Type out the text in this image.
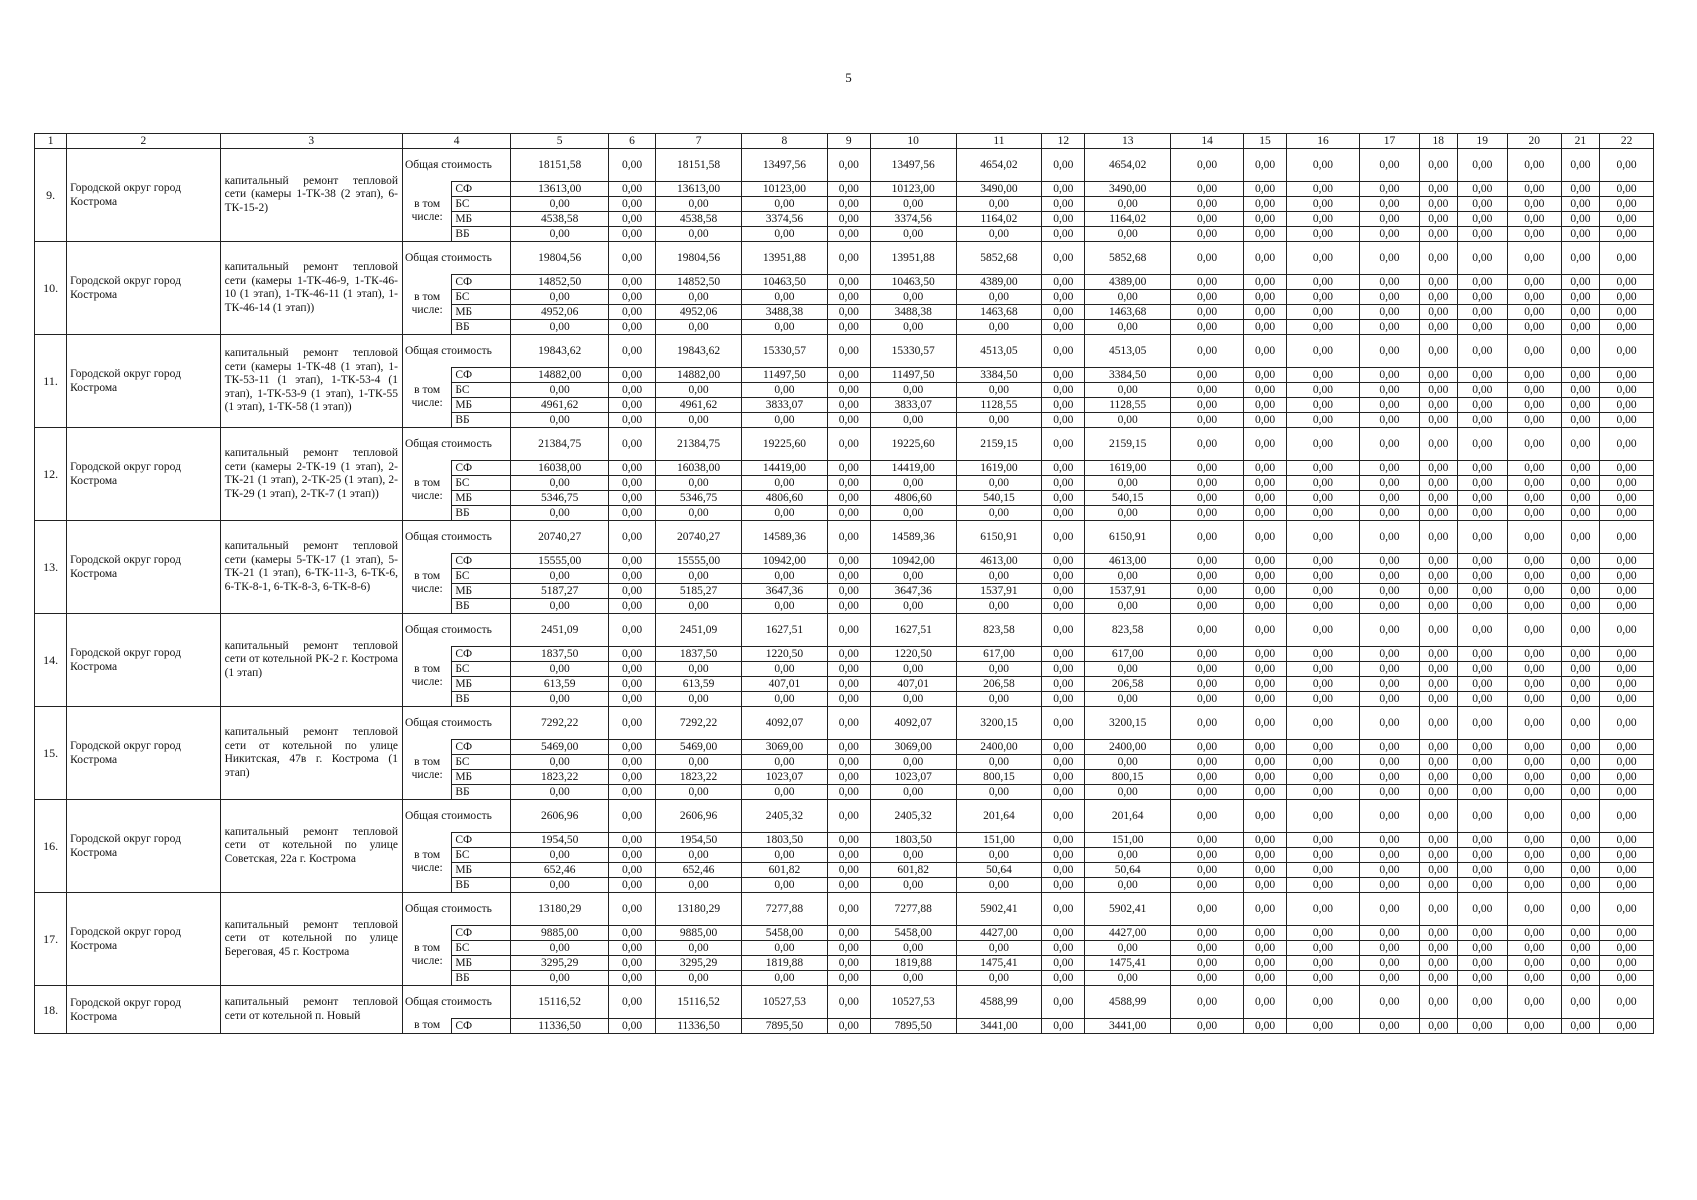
5
1	2	3	4		5	6	7	8	9	10	11	12	13	14	15	16	17	18	19	20	21	22
9.	Городской округ город Кострома	капитальный ремонт тепловой сети (камеры 1-ТК-38 (2 этап), 6-ТК-15-2)	Общая стоимость		18151,58	0,00	18151,58	13497,56	0,00	13497,56	4654,02	0,00	4654,02	0,00	0,00	0,00	0,00	0,00	0,00	0,00	0,00	0,00
			в том числе:	СФ	13613,00	0,00	13613,00	10123,00	0,00	10123,00	3490,00	0,00	3490,00	0,00	0,00	0,00	0,00	0,00	0,00	0,00	0,00	0,00
				БС	0,00	0,00	0,00	0,00	0,00	0,00	0,00	0,00	0,00	0,00	0,00	0,00	0,00	0,00	0,00	0,00	0,00	0,00
				МБ	4538,58	0,00	4538,58	3374,56	0,00	3374,56	1164,02	0,00	1164,02	0,00	0,00	0,00	0,00	0,00	0,00	0,00	0,00	0,00
				ВБ	0,00	0,00	0,00	0,00	0,00	0,00	0,00	0,00	0,00	0,00	0,00	0,00	0,00	0,00	0,00	0,00	0,00	0,00
10.	Городской округ город Кострома	капитальный ремонт тепловой сети (камеры 1-ТК-46-9, 1-ТК-46-10 (1 этап), 1-ТК-46-11 (1 этап), 1-ТК-46-14 (1 этап))	Общая стоимость		19804,56	0,00	19804,56	13951,88	0,00	13951,88	5852,68	0,00	5852,68	0,00	0,00	0,00	0,00	0,00	0,00	0,00	0,00	0,00
			в том числе:	СФ	14852,50	0,00	14852,50	10463,50	0,00	10463,50	4389,00	0,00	4389,00	0,00	0,00	0,00	0,00	0,00	0,00	0,00	0,00	0,00
				БС	0,00	0,00	0,00	0,00	0,00	0,00	0,00	0,00	0,00	0,00	0,00	0,00	0,00	0,00	0,00	0,00	0,00	0,00
				МБ	4952,06	0,00	4952,06	3488,38	0,00	3488,38	1463,68	0,00	1463,68	0,00	0,00	0,00	0,00	0,00	0,00	0,00	0,00	0,00
				ВБ	0,00	0,00	0,00	0,00	0,00	0,00	0,00	0,00	0,00	0,00	0,00	0,00	0,00	0,00	0,00	0,00	0,00	0,00
11.	Городской округ город Кострома	капитальный ремонт тепловой сети (камеры 1-ТК-48 (1 этап), 1-ТК-53-11 (1 этап), 1-ТК-53-4 (1 этап), 1-ТК-53-9 (1 этап), 1-ТК-55 (1 этап), 1-ТК-58 (1 этап))	Общая стоимость		19843,62	0,00	19843,62	15330,57	0,00	15330,57	4513,05	0,00	4513,05	0,00	0,00	0,00	0,00	0,00	0,00	0,00	0,00	0,00
			в том числе:	СФ	14882,00	0,00	14882,00	11497,50	0,00	11497,50	3384,50	0,00	3384,50	0,00	0,00	0,00	0,00	0,00	0,00	0,00	0,00	0,00
				БС	0,00	0,00	0,00	0,00	0,00	0,00	0,00	0,00	0,00	0,00	0,00	0,00	0,00	0,00	0,00	0,00	0,00	0,00
				МБ	4961,62	0,00	4961,62	3833,07	0,00	3833,07	1128,55	0,00	1128,55	0,00	0,00	0,00	0,00	0,00	0,00	0,00	0,00	0,00
				ВБ	0,00	0,00	0,00	0,00	0,00	0,00	0,00	0,00	0,00	0,00	0,00	0,00	0,00	0,00	0,00	0,00	0,00	0,00
12.	Городской округ город Кострома	капитальный ремонт тепловой сети (камеры 2-ТК-19 (1 этап), 2-ТК-21 (1 этап), 2-ТК-25 (1 этап), 2-ТК-29 (1 этап), 2-ТК-7 (1 этап))	Общая стоимость		21384,75	0,00	21384,75	19225,60	0,00	19225,60	2159,15	0,00	2159,15	0,00	0,00	0,00	0,00	0,00	0,00	0,00	0,00	0,00
			в том числе:	СФ	16038,00	0,00	16038,00	14419,00	0,00	14419,00	1619,00	0,00	1619,00	0,00	0,00	0,00	0,00	0,00	0,00	0,00	0,00	0,00
				БС	0,00	0,00	0,00	0,00	0,00	0,00	0,00	0,00	0,00	0,00	0,00	0,00	0,00	0,00	0,00	0,00	0,00	0,00
				МБ	5346,75	0,00	5346,75	4806,60	0,00	4806,60	540,15	0,00	540,15	0,00	0,00	0,00	0,00	0,00	0,00	0,00	0,00	0,00
				ВБ	0,00	0,00	0,00	0,00	0,00	0,00	0,00	0,00	0,00	0,00	0,00	0,00	0,00	0,00	0,00	0,00	0,00	0,00
13.	Городской округ город Кострома	капитальный ремонт тепловой сети (камеры 5-ТК-17 (1 этап), 5-ТК-21 (1 этап), 6-ТК-11-3, 6-ТК-6, 6-ТК-8-1, 6-ТК-8-3, 6-ТК-8-6)	Общая стоимость		20740,27	0,00	20740,27	14589,36	0,00	14589,36	6150,91	0,00	6150,91	0,00	0,00	0,00	0,00	0,00	0,00	0,00	0,00	0,00
			в том числе:	СФ	15555,00	0,00	15555,00	10942,00	0,00	10942,00	4613,00	0,00	4613,00	0,00	0,00	0,00	0,00	0,00	0,00	0,00	0,00	0,00
				БС	0,00	0,00	0,00	0,00	0,00	0,00	0,00	0,00	0,00	0,00	0,00	0,00	0,00	0,00	0,00	0,00	0,00	0,00
				МБ	5187,27	0,00	5185,27	3647,36	0,00	3647,36	1537,91	0,00	1537,91	0,00	0,00	0,00	0,00	0,00	0,00	0,00	0,00	0,00
				ВБ	0,00	0,00	0,00	0,00	0,00	0,00	0,00	0,00	0,00	0,00	0,00	0,00	0,00	0,00	0,00	0,00	0,00	0,00
14.	Городской округ город Кострома	капитальный ремонт тепловой сети от котельной РК-2 г. Кострома (1 этап)	Общая стоимость		2451,09	0,00	2451,09	1627,51	0,00	1627,51	823,58	0,00	823,58	0,00	0,00	0,00	0,00	0,00	0,00	0,00	0,00	0,00
			в том числе:	СФ	1837,50	0,00	1837,50	1220,50	0,00	1220,50	617,00	0,00	617,00	0,00	0,00	0,00	0,00	0,00	0,00	0,00	0,00	0,00
				БС	0,00	0,00	0,00	0,00	0,00	0,00	0,00	0,00	0,00	0,00	0,00	0,00	0,00	0,00	0,00	0,00	0,00	0,00
				МБ	613,59	0,00	613,59	407,01	0,00	407,01	206,58	0,00	206,58	0,00	0,00	0,00	0,00	0,00	0,00	0,00	0,00	0,00
				ВБ	0,00	0,00	0,00	0,00	0,00	0,00	0,00	0,00	0,00	0,00	0,00	0,00	0,00	0,00	0,00	0,00	0,00	0,00
15.	Городской округ город Кострома	капитальный ремонт тепловой сети от котельной по улице Никитская, 47в г. Кострома (1 этап)	Общая стоимость		7292,22	0,00	7292,22	4092,07	0,00	4092,07	3200,15	0,00	3200,15	0,00	0,00	0,00	0,00	0,00	0,00	0,00	0,00	0,00
			в том числе:	СФ	5469,00	0,00	5469,00	3069,00	0,00	3069,00	2400,00	0,00	2400,00	0,00	0,00	0,00	0,00	0,00	0,00	0,00	0,00	0,00
				БС	0,00	0,00	0,00	0,00	0,00	0,00	0,00	0,00	0,00	0,00	0,00	0,00	0,00	0,00	0,00	0,00	0,00	0,00
				МБ	1823,22	0,00	1823,22	1023,07	0,00	1023,07	800,15	0,00	800,15	0,00	0,00	0,00	0,00	0,00	0,00	0,00	0,00	0,00
				ВБ	0,00	0,00	0,00	0,00	0,00	0,00	0,00	0,00	0,00	0,00	0,00	0,00	0,00	0,00	0,00	0,00	0,00	0,00
16.	Городской округ город Кострома	капитальный ремонт тепловой сети от котельной по улице Советская, 22а г. Кострома	Общая стоимость		2606,96	0,00	2606,96	2405,32	0,00	2405,32	201,64	0,00	201,64	0,00	0,00	0,00	0,00	0,00	0,00	0,00	0,00	0,00
			в том числе:	СФ	1954,50	0,00	1954,50	1803,50	0,00	1803,50	151,00	0,00	151,00	0,00	0,00	0,00	0,00	0,00	0,00	0,00	0,00	0,00
				БС	0,00	0,00	0,00	0,00	0,00	0,00	0,00	0,00	0,00	0,00	0,00	0,00	0,00	0,00	0,00	0,00	0,00	0,00
				МБ	652,46	0,00	652,46	601,82	0,00	601,82	50,64	0,00	50,64	0,00	0,00	0,00	0,00	0,00	0,00	0,00	0,00	0,00
				ВБ	0,00	0,00	0,00	0,00	0,00	0,00	0,00	0,00	0,00	0,00	0,00	0,00	0,00	0,00	0,00	0,00	0,00	0,00
17.	Городской округ город Кострома	капитальный ремонт тепловой сети от котельной по улице Береговая, 45 г. Кострома	Общая стоимость		13180,29	0,00	13180,29	7277,88	0,00	7277,88	5902,41	0,00	5902,41	0,00	0,00	0,00	0,00	0,00	0,00	0,00	0,00	0,00
			в том числе:	СФ	9885,00	0,00	9885,00	5458,00	0,00	5458,00	4427,00	0,00	4427,00	0,00	0,00	0,00	0,00	0,00	0,00	0,00	0,00	0,00
				БС	0,00	0,00	0,00	0,00	0,00	0,00	0,00	0,00	0,00	0,00	0,00	0,00	0,00	0,00	0,00	0,00	0,00	0,00
				МБ	3295,29	0,00	3295,29	1819,88	0,00	1819,88	1475,41	0,00	1475,41	0,00	0,00	0,00	0,00	0,00	0,00	0,00	0,00	0,00
				ВБ	0,00	0,00	0,00	0,00	0,00	0,00	0,00	0,00	0,00	0,00	0,00	0,00	0,00	0,00	0,00	0,00	0,00	0,00
18.	Городской округ город Кострома	капитальный ремонт тепловой сети от котельной п. Новый	Общая стоимость		15116,52	0,00	15116,52	10527,53	0,00	10527,53	4588,99	0,00	4588,99	0,00	0,00	0,00	0,00	0,00	0,00	0,00	0,00	0,00
			в том	СФ	11336,50	0,00	11336,50	7895,50	0,00	7895,50	3441,00	0,00	3441,00	0,00	0,00	0,00	0,00	0,00	0,00	0,00	0,00	0,00
